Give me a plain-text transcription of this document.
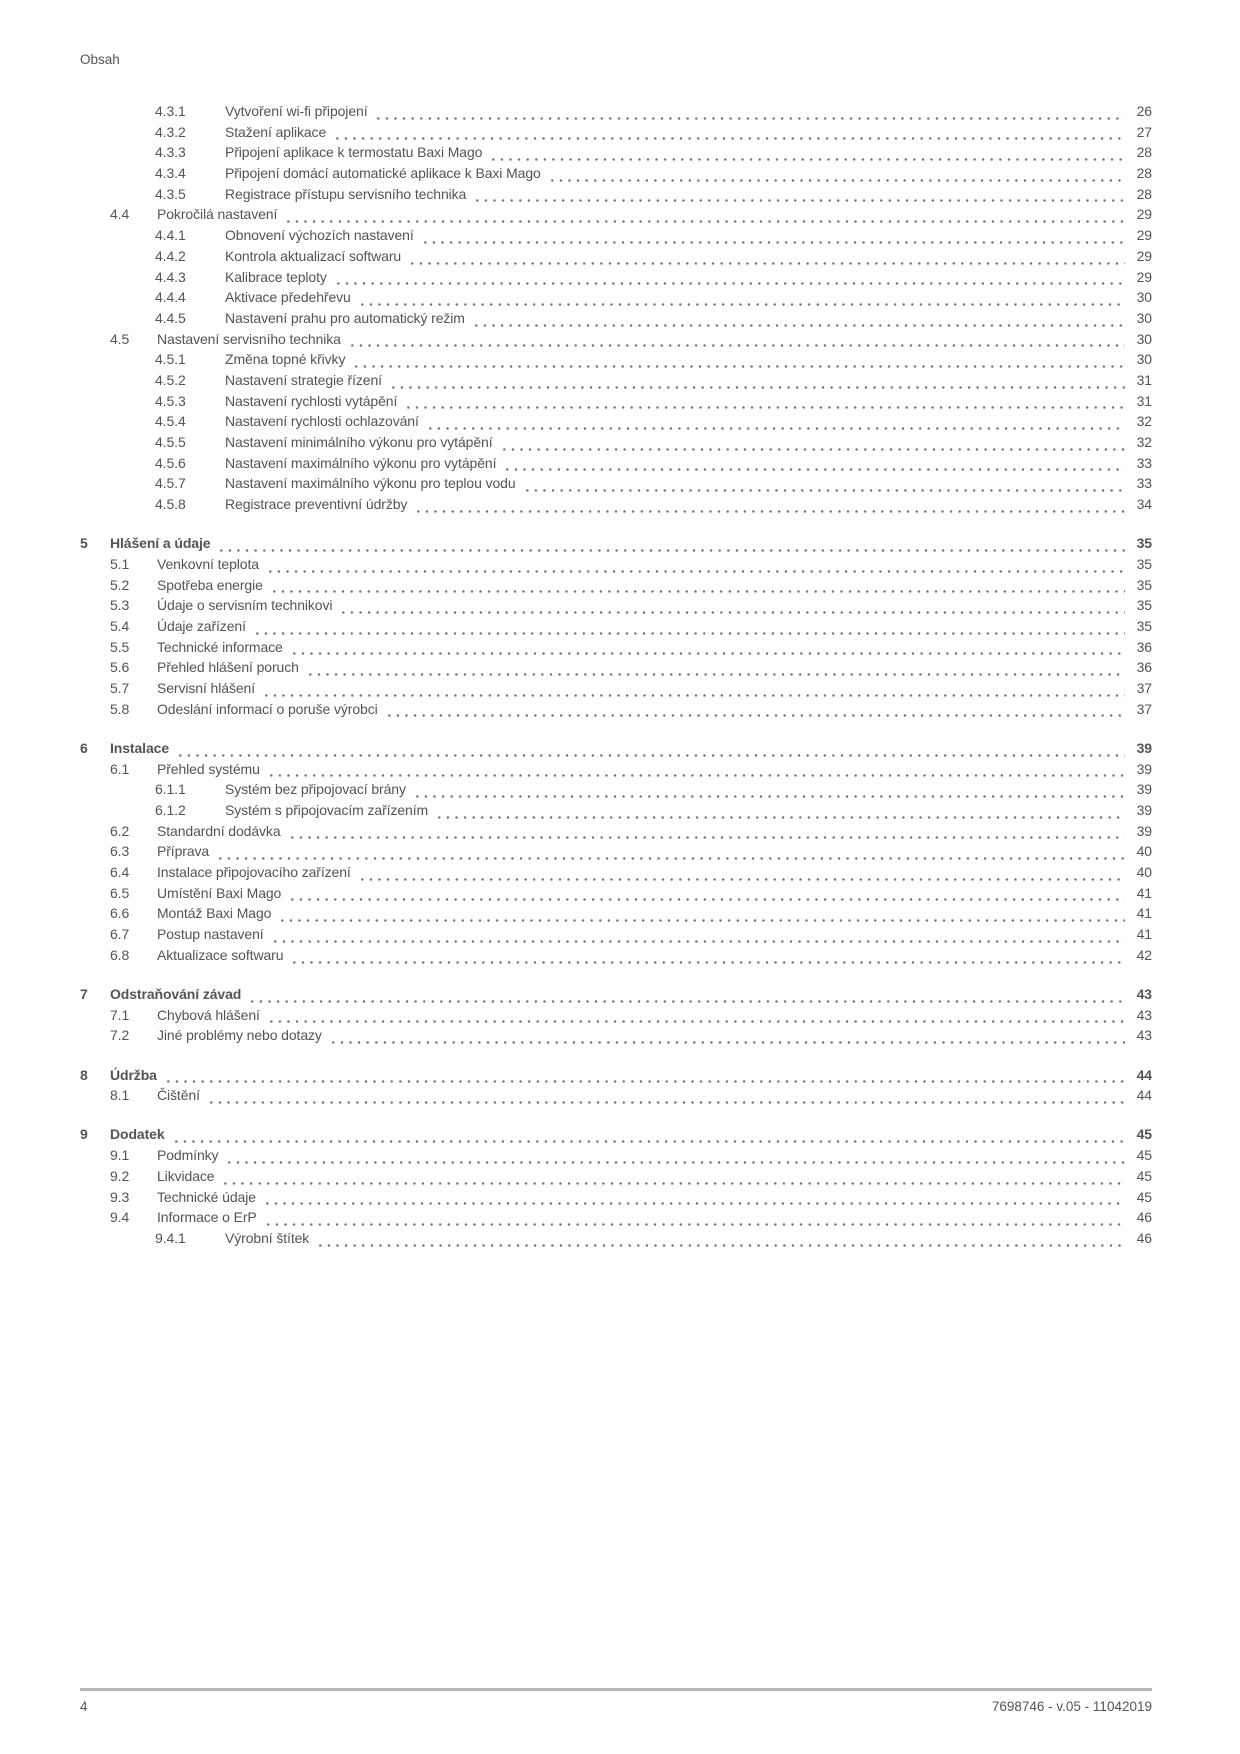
Obsah
4.3.1	Vytvoření wi-fi připojení	26
4.3.2	Stažení aplikace	27
4.3.3	Připojení aplikace k termostatu Baxi Mago	28
4.3.4	Připojení domácí automatické aplikace k Baxi Mago	28
4.3.5	Registrace přístupu servisního technika	28
4.4	Pokročilá nastavení	29
4.4.1	Obnovení výchozích nastavení	29
4.4.2	Kontrola aktualizací softwaru	29
4.4.3	Kalibrace teploty	29
4.4.4	Aktivace předehřevu	30
4.4.5	Nastavení prahu pro automatický režim	30
4.5	Nastavení servisního technika	30
4.5.1	Změna topné křivky	30
4.5.2	Nastavení strategie řízení	31
4.5.3	Nastavení rychlosti vytápění	31
4.5.4	Nastavení rychlosti ochlazování	32
4.5.5	Nastavení minimálního výkonu pro vytápění	32
4.5.6	Nastavení maximálního výkonu pro vytápění	33
4.5.7	Nastavení maximálního výkonu pro teplou vodu	33
4.5.8	Registrace preventivní údržby	34
5	Hlášení a údaje	35
5.1	Venkovní teplota	35
5.2	Spotřeba energie	35
5.3	Údaje o servisním technikovi	35
5.4	Údaje zařízení	35
5.5	Technické informace	36
5.6	Přehled hlášení poruch	36
5.7	Servisní hlášení	37
5.8	Odeslání informací o poruše výrobci	37
6	Instalace	39
6.1	Přehled systému	39
6.1.1	Systém bez připojovací brány	39
6.1.2	Systém s připojovacím zařízením	39
6.2	Standardní dodávka	39
6.3	Příprava	40
6.4	Instalace připojovacího zařízení	40
6.5	Umístění Baxi Mago	41
6.6	Montáž Baxi Mago	41
6.7	Postup nastavení	41
6.8	Aktualizace softwaru	42
7	Odstraňování závad	43
7.1	Chybová hlášení	43
7.2	Jiné problémy nebo dotazy	43
8	Údržba	44
8.1	Čištění	44
9	Dodatek	45
9.1	Podmínky	45
9.2	Likvidace	45
9.3	Technické údaje	45
9.4	Informace o ErP	46
9.4.1	Výrobní štítek	46
4	7698746 - v.05 - 11042019
